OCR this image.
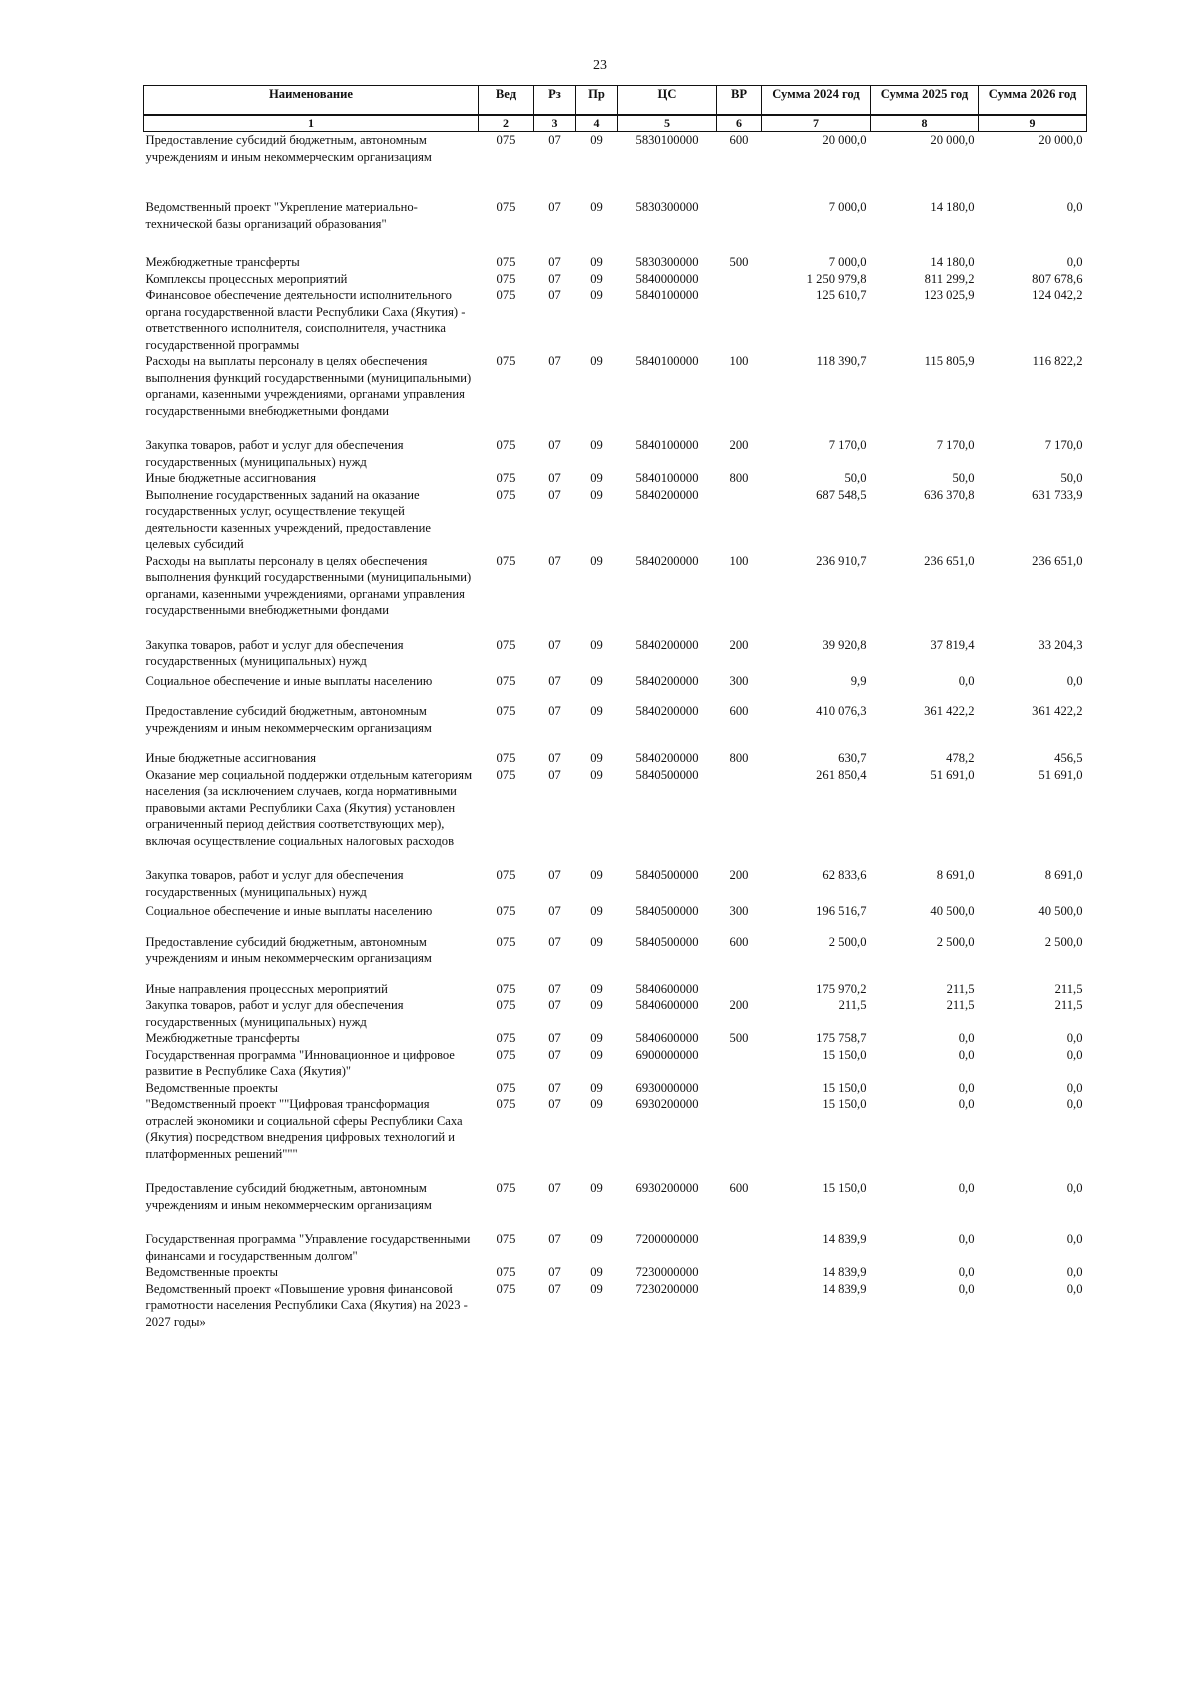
23
Наименование	Вед	Рз	Пр	ЦС	ВР	Сумма 2024 год	Сумма 2025 год	Сумма 2026 год
1	2	3	4	5	6	7	8	9
Предоставление субсидий бюджетным, автономным учреждениям и иным некоммерческим организациям	075	07	09	5830100000	600	20 000,0	20 000,0	20 000,0
Ведомственный проект "Укрепление материально-технической базы организаций образования"	075	07	09	5830300000		7 000,0	14 180,0	0,0
Межбюджетные трансферты	075	07	09	5830300000	500	7 000,0	14 180,0	0,0
Комплексы процессных мероприятий	075	07	09	5840000000		1 250 979,8	811 299,2	807 678,6
Финансовое обеспечение деятельности исполнительного органа государственной власти Республики Саха (Якутия) - ответственного исполнителя, соисполнителя, участника государственной программы	075	07	09	5840100000		125 610,7	123 025,9	124 042,2
Расходы на выплаты персоналу в целях обеспечения выполнения функций государственными (муниципальными) органами, казенными учреждениями, органами управления государственными внебюджетными фондами	075	07	09	5840100000	100	118 390,7	115 805,9	116 822,2
Закупка товаров, работ и услуг для обеспечения государственных (муниципальных) нужд	075	07	09	5840100000	200	7 170,0	7 170,0	7 170,0
Иные бюджетные ассигнования	075	07	09	5840100000	800	50,0	50,0	50,0
Выполнение государственных заданий на оказание государственных услуг, осуществление текущей деятельности казенных учреждений, предоставление целевых субсидий	075	07	09	5840200000		687 548,5	636 370,8	631 733,9
Расходы на выплаты персоналу в целях обеспечения выполнения функций государственными (муниципальными) органами, казенными учреждениями, органами управления государственными внебюджетными фондами	075	07	09	5840200000	100	236 910,7	236 651,0	236 651,0
Закупка товаров, работ и услуг для обеспечения государственных (муниципальных) нужд	075	07	09	5840200000	200	39 920,8	37 819,4	33 204,3
Социальное обеспечение и иные выплаты населению	075	07	09	5840200000	300	9,9	0,0	0,0
Предоставление субсидий бюджетным, автономным учреждениям и иным некоммерческим организациям	075	07	09	5840200000	600	410 076,3	361 422,2	361 422,2
Иные бюджетные ассигнования	075	07	09	5840200000	800	630,7	478,2	456,5
Оказание мер социальной поддержки отдельным категориям населения (за исключением случаев, когда нормативными правовыми актами Республики Саха (Якутия) установлен ограниченный период действия соответствующих мер), включая осуществление социальных налоговых расходов	075	07	09	5840500000		261 850,4	51 691,0	51 691,0
Закупка товаров, работ и услуг для обеспечения государственных (муниципальных) нужд	075	07	09	5840500000	200	62 833,6	8 691,0	8 691,0
Социальное обеспечение и иные выплаты населению	075	07	09	5840500000	300	196 516,7	40 500,0	40 500,0
Предоставление субсидий бюджетным, автономным учреждениям и иным некоммерческим организациям	075	07	09	5840500000	600	2 500,0	2 500,0	2 500,0
Иные направления процессных мероприятий	075	07	09	5840600000		175 970,2	211,5	211,5
Закупка товаров, работ и услуг для обеспечения государственных (муниципальных) нужд	075	07	09	5840600000	200	211,5	211,5	211,5
Межбюджетные трансферты	075	07	09	5840600000	500	175 758,7	0,0	0,0
Государственная программа "Инновационное и цифровое развитие в Республике Саха (Якутия)"	075	07	09	6900000000		15 150,0	0,0	0,0
Ведомственные проекты	075	07	09	6930000000		15 150,0	0,0	0,0
"Ведомственный проект ""Цифровая трансформация отраслей экономики и социальной сферы Республики Саха (Якутия) посредством внедрения цифровых технологий и платформенных решений"""	075	07	09	6930200000		15 150,0	0,0	0,0
Предоставление субсидий бюджетным, автономным учреждениям и иным некоммерческим организациям	075	07	09	6930200000	600	15 150,0	0,0	0,0
Государственная программа "Управление государственными финансами и государственным долгом"	075	07	09	7200000000		14 839,9	0,0	0,0
Ведомственные проекты	075	07	09	7230000000		14 839,9	0,0	0,0
Ведомственный проект «Повышение уровня финансовой грамотности населения Республики Саха (Якутия) на 2023 - 2027 годы»	075	07	09	7230200000		14 839,9	0,0	0,0
